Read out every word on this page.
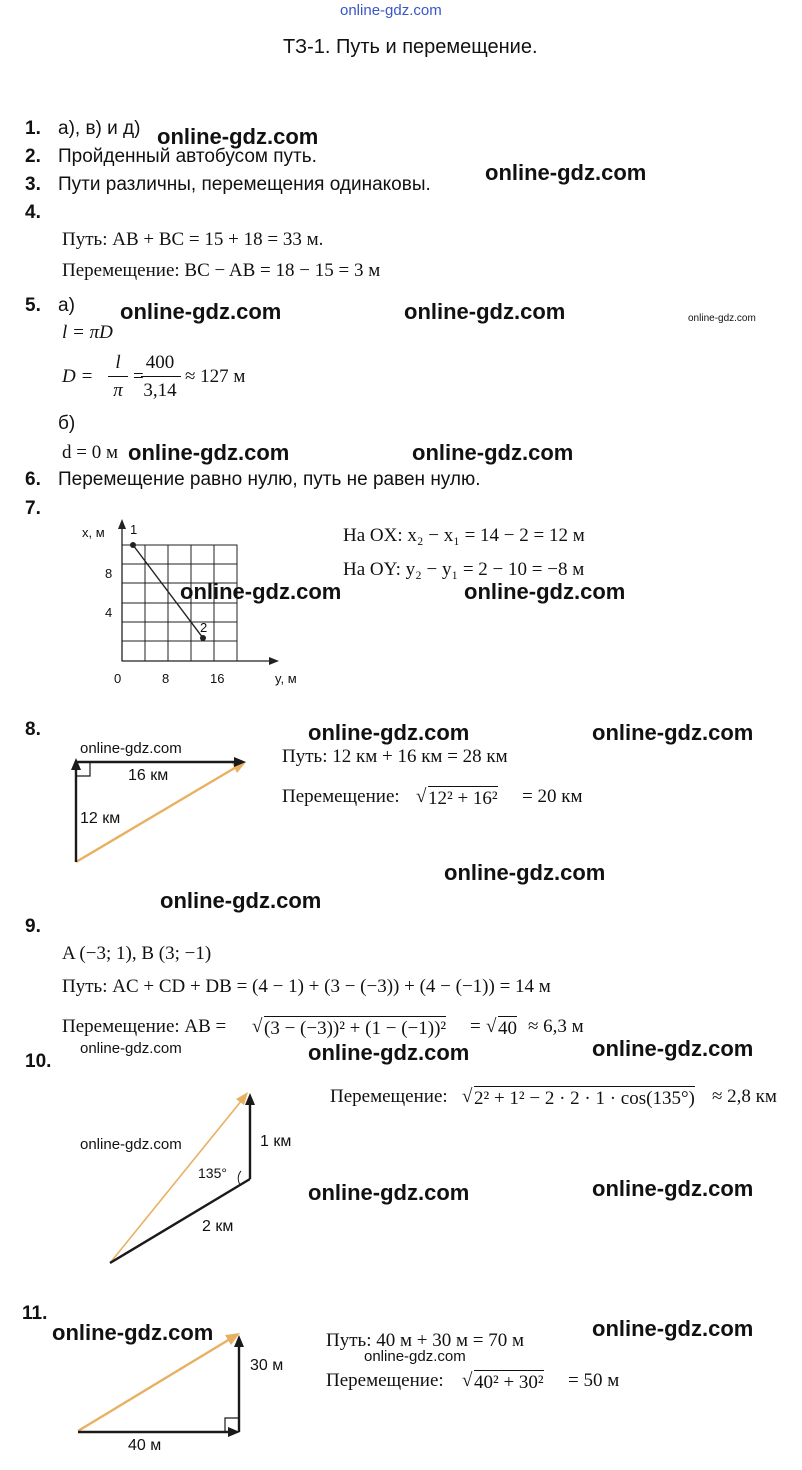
online-gdz.com
ТЗ-1. Путь и перемещение.
1. а), в) и д)
2. Пройденный автобусом путь.
3. Пути различны, перемещения одинаковы.
4.
Путь: AB + BC = 15 + 18 = 33 м.
Перемещение: BC − AB = 18 − 15 = 3 м
5. а)
l = πD
D =
l
π
=
400
3,14
≈ 127 м
б)
d = 0 м
6. Перемещение равно нулю, путь не равен нулю.
7.
x, м 1
2
8
4
0	8	16	y, м
На OX: x₂ − x₁ = 14 − 2 = 12 м
На OY: y₂ − y₁ = 2 − 10 = −8 м
8.
16 км
12 км
Путь: 12 км + 16 км = 28 км
Перемещение: √ 12² + 16² = 20 км
9.
A (−3; 1), B (3; −1)
Путь: AC + CD + DB = (4 − 1) + (3 − (−3)) + (4 − (−1)) = 14 м
Перемещение: AB = √ (3 − (−3))² + (1 − (−1))² = √ 40 ≈ 6,3 м
10.
1 км
2 км
135°
Перемещение: √ 2² + 1² − 2 · 2 · 1 · cos(135°) ≈ 2,8 км
11.
30 м
40 м
Путь: 40 м + 30 м = 70 м
Перемещение: √ 40² + 30² = 50 м
online-gdz.com
online-gdz.com
online-gdz.com	online-gdz.com	online-gdz.com
online-gdz.com	online-gdz.com
online-gdz.com	online-gdz.com
online-gdz.com	online-gdz.com
online-gdz.com
online-gdz.com
online-gdz.com
online-gdz.com	online-gdz.com	online-gdz.com
online-gdz.com
online-gdz.com	online-gdz.com
online-gdz.com	online-gdz.com
online-gdz.com
